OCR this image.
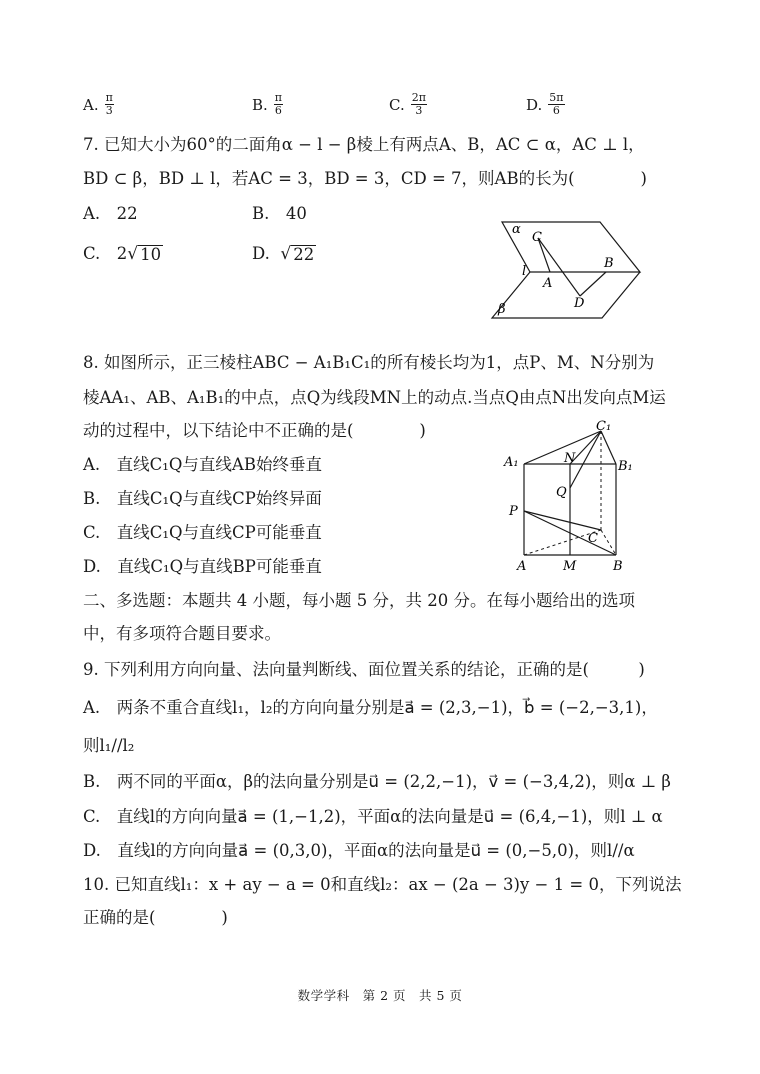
A. $\frac{\pi}{3}$	B. $\frac{\pi}{6}$	C. $\frac{2\pi}{3}$	D. $\frac{5\pi}{6}$
7. 已知大小为60°的二面角α − l − β棱上有两点A、B，AC ⊂ α，AC ⊥ l，
BD ⊂ β，BD ⊥ l，若AC = 3，BD = 3，CD = 7，则AB的长为(　　　　)
A.　22	B.　40
C.　2 √ 10	D. √ 22
α
C
B
l
A
D
β
8. 如图所示，正三棱柱ABC − A₁B₁C₁的所有棱长均为1，点P、M、N分别为
棱AA₁、AB、A₁B₁的中点，点Q为线段MN上的动点.当点Q由点N出发向点M运
动的过程中，以下结论中不正确的是(　　　　)
A.　直线C₁Q与直线AB始终垂直
B.　直线C₁Q与直线CP始终异面
C.　直线C₁Q与直线CP可能垂直
D.　直线C₁Q与直线BP可能垂直
C₁
A₁	N
B₁
Q
P
C
A	M	B
二、多选题：本题共 4 小题，每小题 5 分，共 20 分。在每小题给出的选项
中，有多项符合题目要求。
9. 下列利用方向向量、法向量判断线、面位置关系的结论，正确的是(　　　)
A.　两条不重合直线l₁，l₂的方向向量分别是a⃗ = (2,3,−1)，b⃗ = (−2,−3,1)，
则l₁//l₂
B.　两不同的平面α，β的法向量分别是u⃗ = (2,2,−1)，v⃗ = (−3,4,2)，则α ⊥ β
C.　直线l的方向向量a⃗ = (1,−1,2)，平面α的法向量是u⃗ = (6,4,−1)，则l ⊥ α
D.　直线l的方向向量a⃗ = (0,3,0)，平面α的法向量是u⃗ = (0,−5,0)，则l//α
10. 已知直线l₁：x + ay − a = 0和直线l₂：ax − (2a − 3)y − 1 = 0，下列说法
正确的是(　　　　)
数学学科　第 2 页　共 5 页
